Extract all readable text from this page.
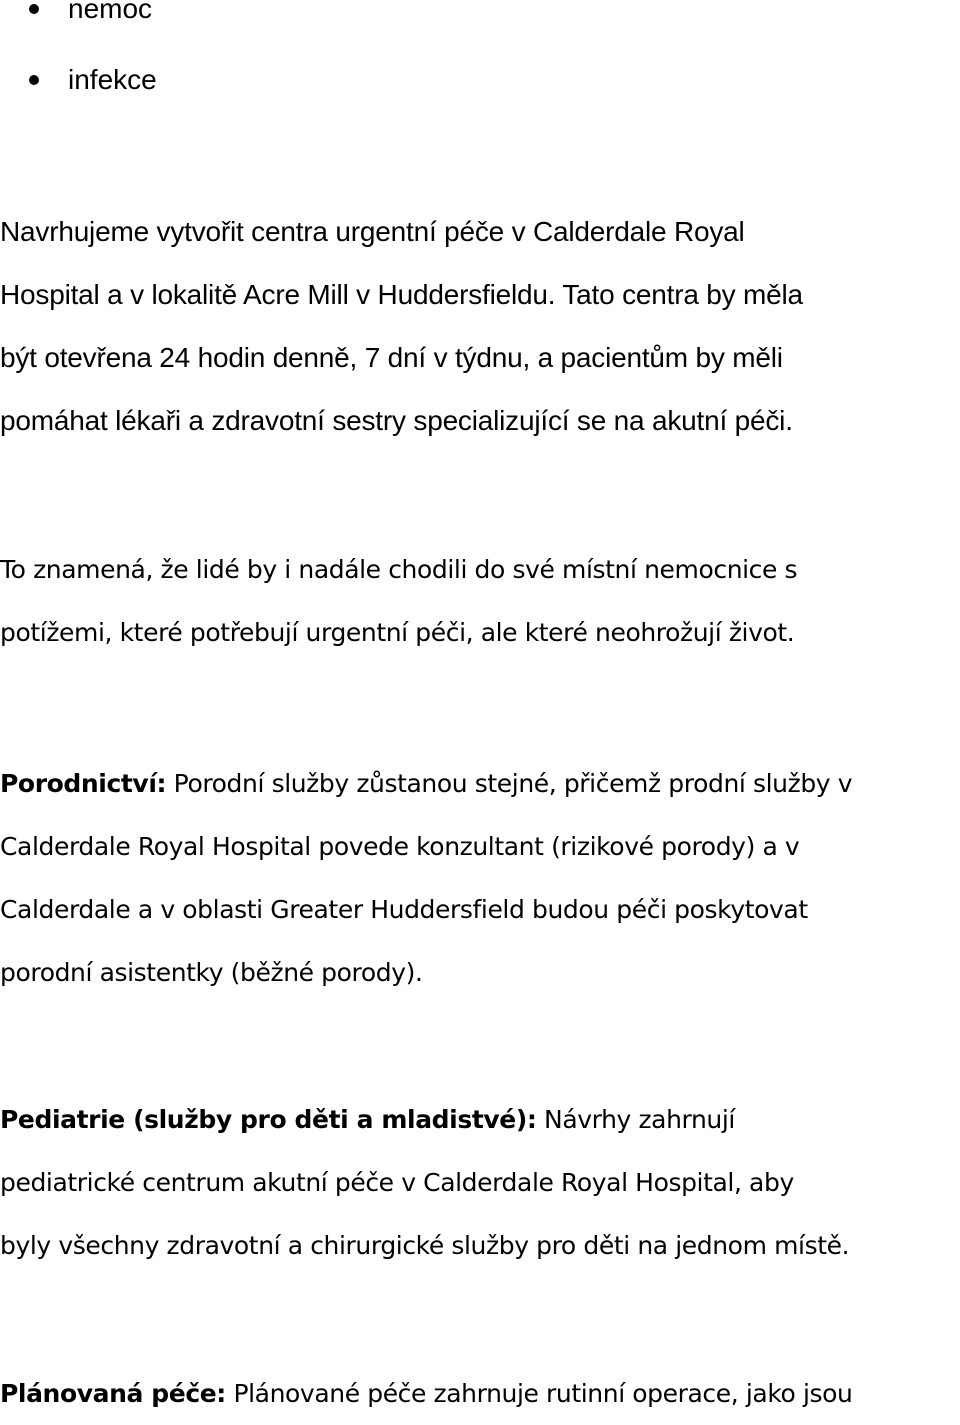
nemoc
infekce

Navrhujeme vytvořit centra urgentní péče v Calderdale Royal
Hospital a v lokalitě Acre Mill v Huddersfieldu. Tato centra by měla
být otevřena 24 hodin denně, 7 dní v týdnu, a pacientům by měli
pomáhat lékaři a zdravotní sestry specializující se na akutní péči.

To znamená, že lidé by i nadále chodili do své místní nemocnice s
potížemi, které potřebují urgentní péči, ale které neohrožují život.

Porodnictví: Porodní služby zůstanou stejné, přičemž prodní služby v
Calderdale Royal Hospital povede konzultant (rizikové porody) a v
Calderdale a v oblasti Greater Huddersfield budou péči poskytovat
porodní asistentky (běžné porody).

Pediatrie (služby pro děti a mladistvé): Návrhy zahrnují
pediatrické centrum akutní péče v Calderdale Royal Hospital, aby
byly všechny zdravotní a chirurgické služby pro děti na jednom místě.

Plánovaná péče: Plánované péče zahrnuje rutinní operace, jako jsou
